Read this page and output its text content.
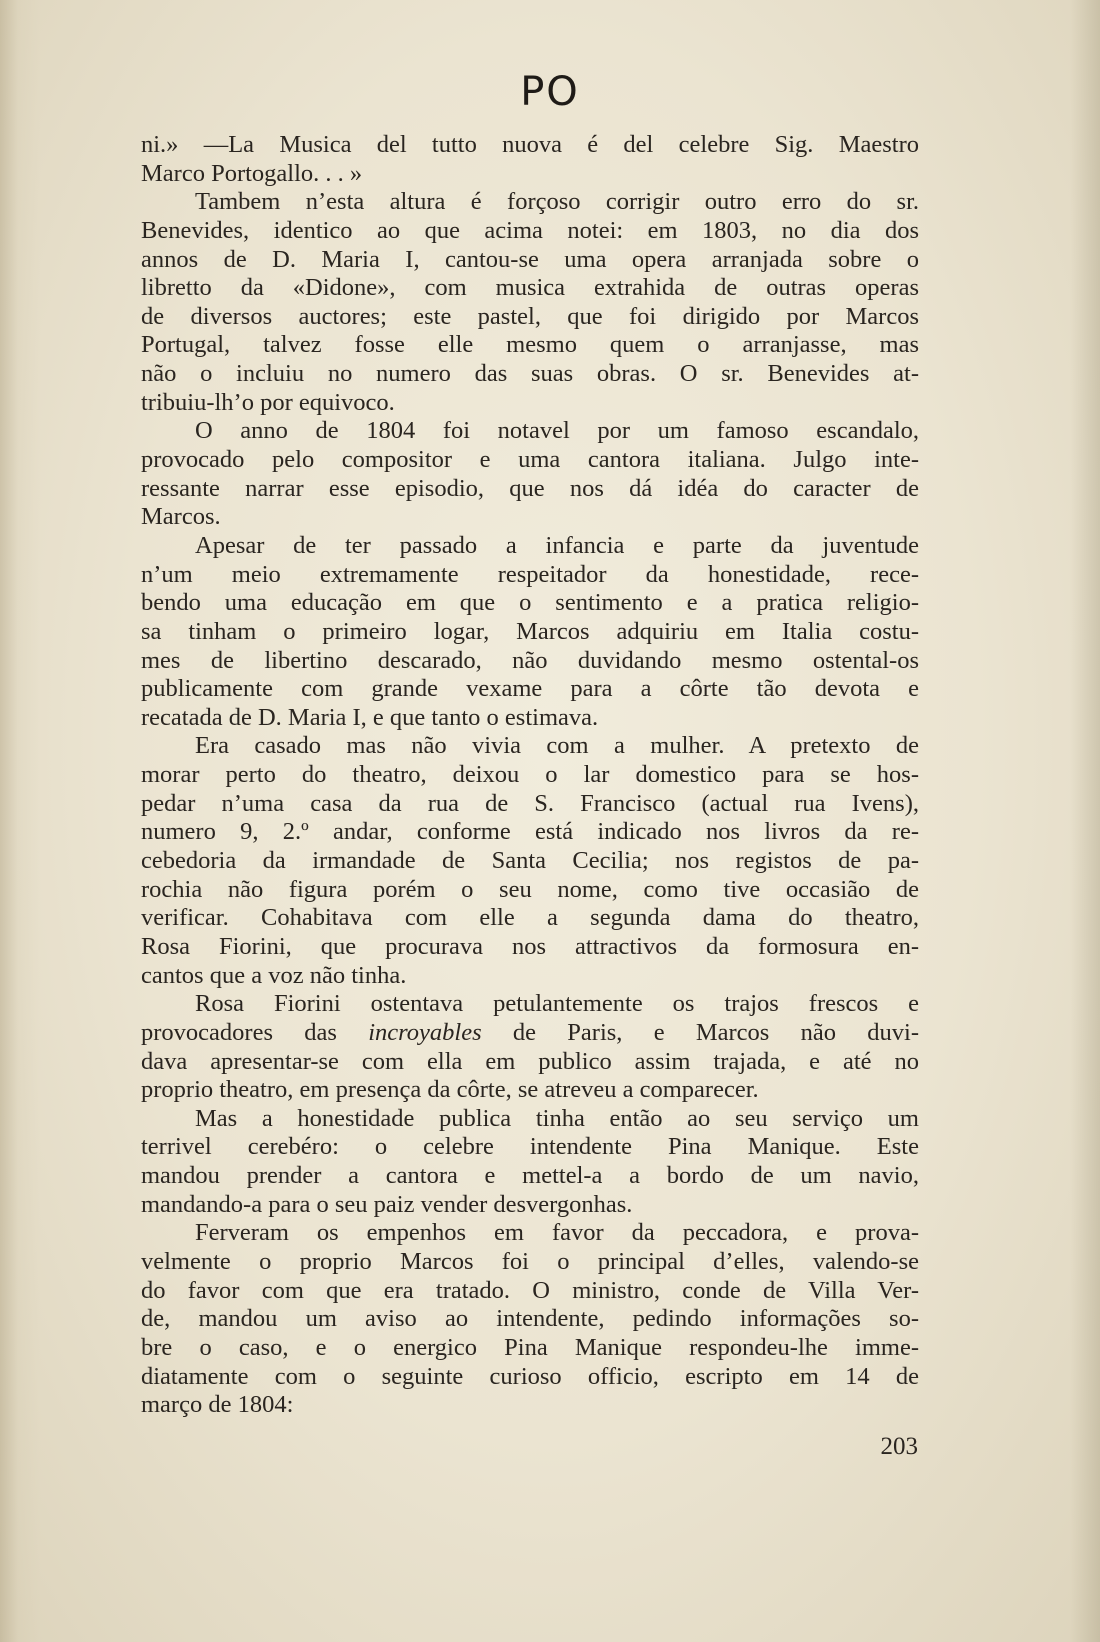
PO
ni.» —La Musica del tutto nuova é del celebre Sig. Maestro
Marco Portogallo. . . »
Tambem n’esta altura é forçoso corrigir outro erro do sr.
Benevides, identico ao que acima notei: em 1803, no dia dos
annos de D. Maria I, cantou-se uma opera arranjada sobre o
libretto da «Didone», com musica extrahida de outras operas
de diversos auctores; este pastel, que foi dirigido por Marcos
Portugal, talvez fosse elle mesmo quem o arranjasse, mas
não o incluiu no numero das suas obras. O sr. Benevides at-
tribuiu-lh’o por equivoco.
O anno de 1804 foi notavel por um famoso escandalo,
provocado pelo compositor e uma cantora italiana. Julgo inte-
ressante narrar esse episodio, que nos dá idéa do caracter de
Marcos.
Apesar de ter passado a infancia e parte da juventude
n’um meio extremamente respeitador da honestidade, rece-
bendo uma educação em que o sentimento e a pratica religio-
sa tinham o primeiro logar, Marcos adquiriu em Italia costu-
mes de libertino descarado, não duvidando mesmo ostental-os
publicamente com grande vexame para a côrte tão devota e
recatada de D. Maria I, e que tanto o estimava.
Era casado mas não vivia com a mulher. A pretexto de
morar perto do theatro, deixou o lar domestico para se hos-
pedar n’uma casa da rua de S. Francisco (actual rua Ivens),
numero 9, 2.º andar, conforme está indicado nos livros da re-
cebedoria da irmandade de Santa Cecilia; nos registos de pa-
rochia não figura porém o seu nome, como tive occasião de
verificar. Cohabitava com elle a segunda dama do theatro,
Rosa Fiorini, que procurava nos attractivos da formosura en-
cantos que a voz não tinha.
Rosa Fiorini ostentava petulantemente os trajos frescos e
provocadores das incroyables de Paris, e Marcos não duvi-
dava apresentar-se com ella em publico assim trajada, e até no
proprio theatro, em presença da côrte, se atreveu a comparecer.
Mas a honestidade publica tinha então ao seu serviço um
terrivel cerebéro: o celebre intendente Pina Manique. Este
mandou prender a cantora e mettel-a a bordo de um navio,
mandando-a para o seu paiz vender desvergonhas.
Ferveram os empenhos em favor da peccadora, e prova-
velmente o proprio Marcos foi o principal d’elles, valendo-se
do favor com que era tratado. O ministro, conde de Villa Ver-
de, mandou um aviso ao intendente, pedindo informações so-
bre o caso, e o energico Pina Manique respondeu-lhe imme-
diatamente com o seguinte curioso officio, escripto em 14 de
março de 1804:
203
